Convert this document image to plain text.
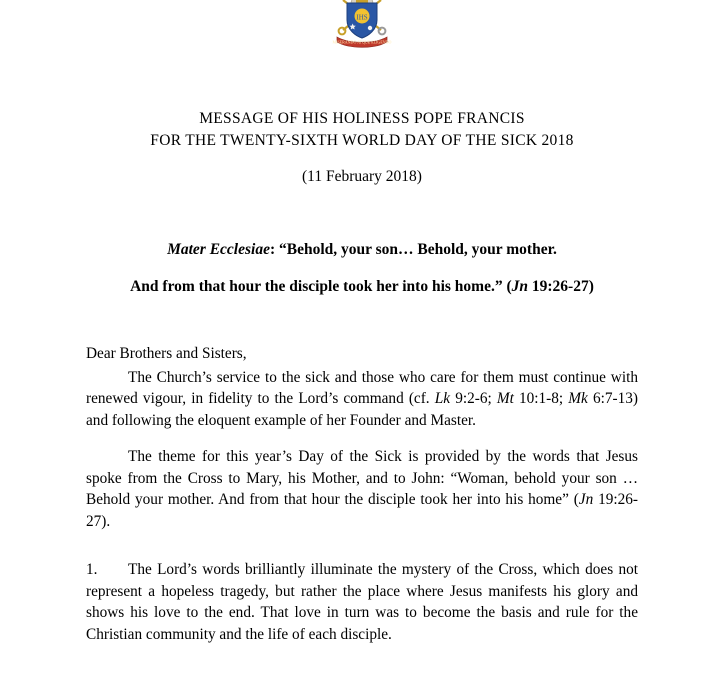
IHS
MISERANDO ATQUE ELIGENDO
MESSAGE OF HIS HOLINESS POPE FRANCIS
FOR THE TWENTY-SIXTH WORLD DAY OF THE SICK 2018
(11 February 2018)
Mater Ecclesiae: “Behold, your son… Behold, your mother.
And from that hour the disciple took her into his home.” (Jn 19:26-27)

Dear Brothers and Sisters,

The Church’s service to the sick and those who care for them must continue with renewed vigour, in fidelity to the Lord’s command (cf. Lk 9:2-6; Mt 10:1-8; Mk 6:7-13) and following the eloquent example of her Founder and Master.

The theme for this year’s Day of the Sick is provided by the words that Jesus spoke from the Cross to Mary, his Mother, and to John: “Woman, behold your son … Behold your mother. And from that hour the disciple took her into his home” (Jn 19:26-27).

1. The Lord’s words brilliantly illuminate the mystery of the Cross, which does not represent a hopeless tragedy, but rather the place where Jesus manifests his glory and shows his love to the end. That love in turn was to become the basis and rule for the Christian community and the life of each disciple.
